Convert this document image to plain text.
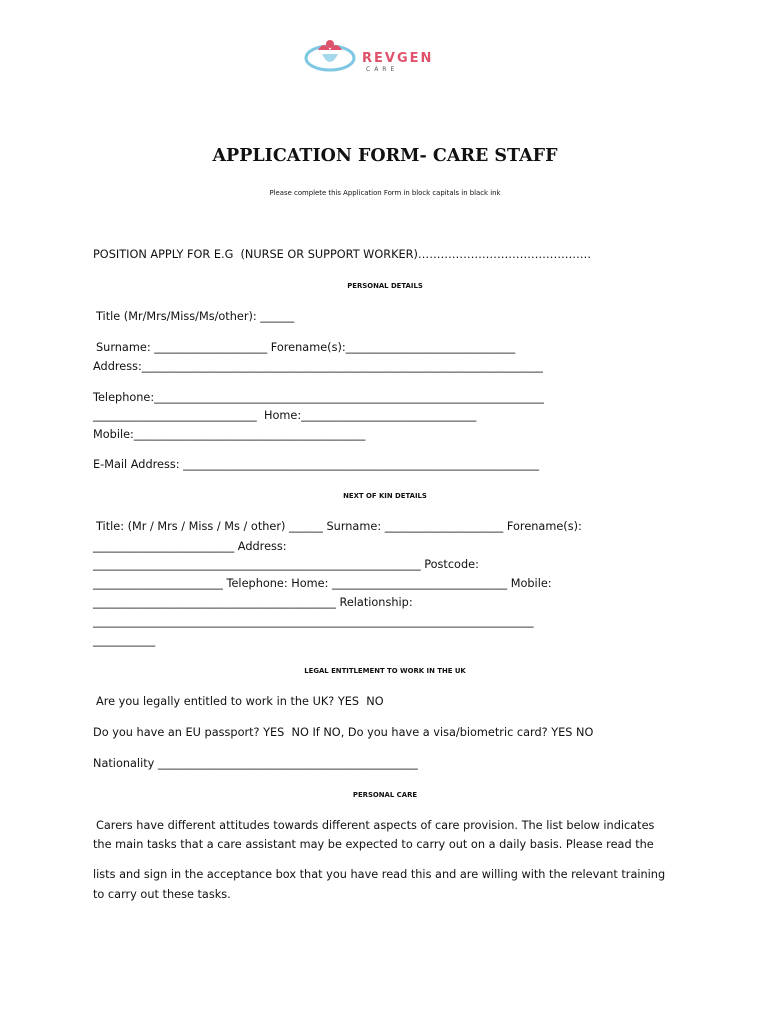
REVGEN
CARE
APPLICATION FORM- CARE STAFF
Please complete this Application Form in block capitals in black ink
POSITION APPLY FOR E.G  (NURSE OR SUPPORT WORKER)……………………………………….
PERSONAL DETAILS
Title (Mr/Mrs/Miss/Ms/other): ______
Surname: ____________________ Forename(s):______________________________
Address:_______________________________________________________________________
Telephone:_____________________________________________________________________
_____________________________  Home:_______________________________
Mobile:_________________________________________
E-Mail Address: _______________________________________________________________
NEXT OF KIN DETAILS
Title: (Mr / Mrs / Miss / Ms / other) ______ Surname: _____________________ Forename(s):
_________________________ Address:
__________________________________________________________ Postcode:
_______________________ Telephone: Home: _______________________________ Mobile:
___________________________________________ Relationship:
______________________________________________________________________________
___________
LEGAL ENTITLEMENT TO WORK IN THE UK
Are you legally entitled to work in the UK? YES  NO
Do you have an EU passport? YES  NO If NO, Do you have a visa/biometric card? YES NO
Nationality ______________________________________________
PERSONAL CARE
Carers have different attitudes towards different aspects of care provision. The list below indicates
the main tasks that a care assistant may be expected to carry out on a daily basis. Please read the
lists and sign in the acceptance box that you have read this and are willing with the relevant training
to carry out these tasks.
